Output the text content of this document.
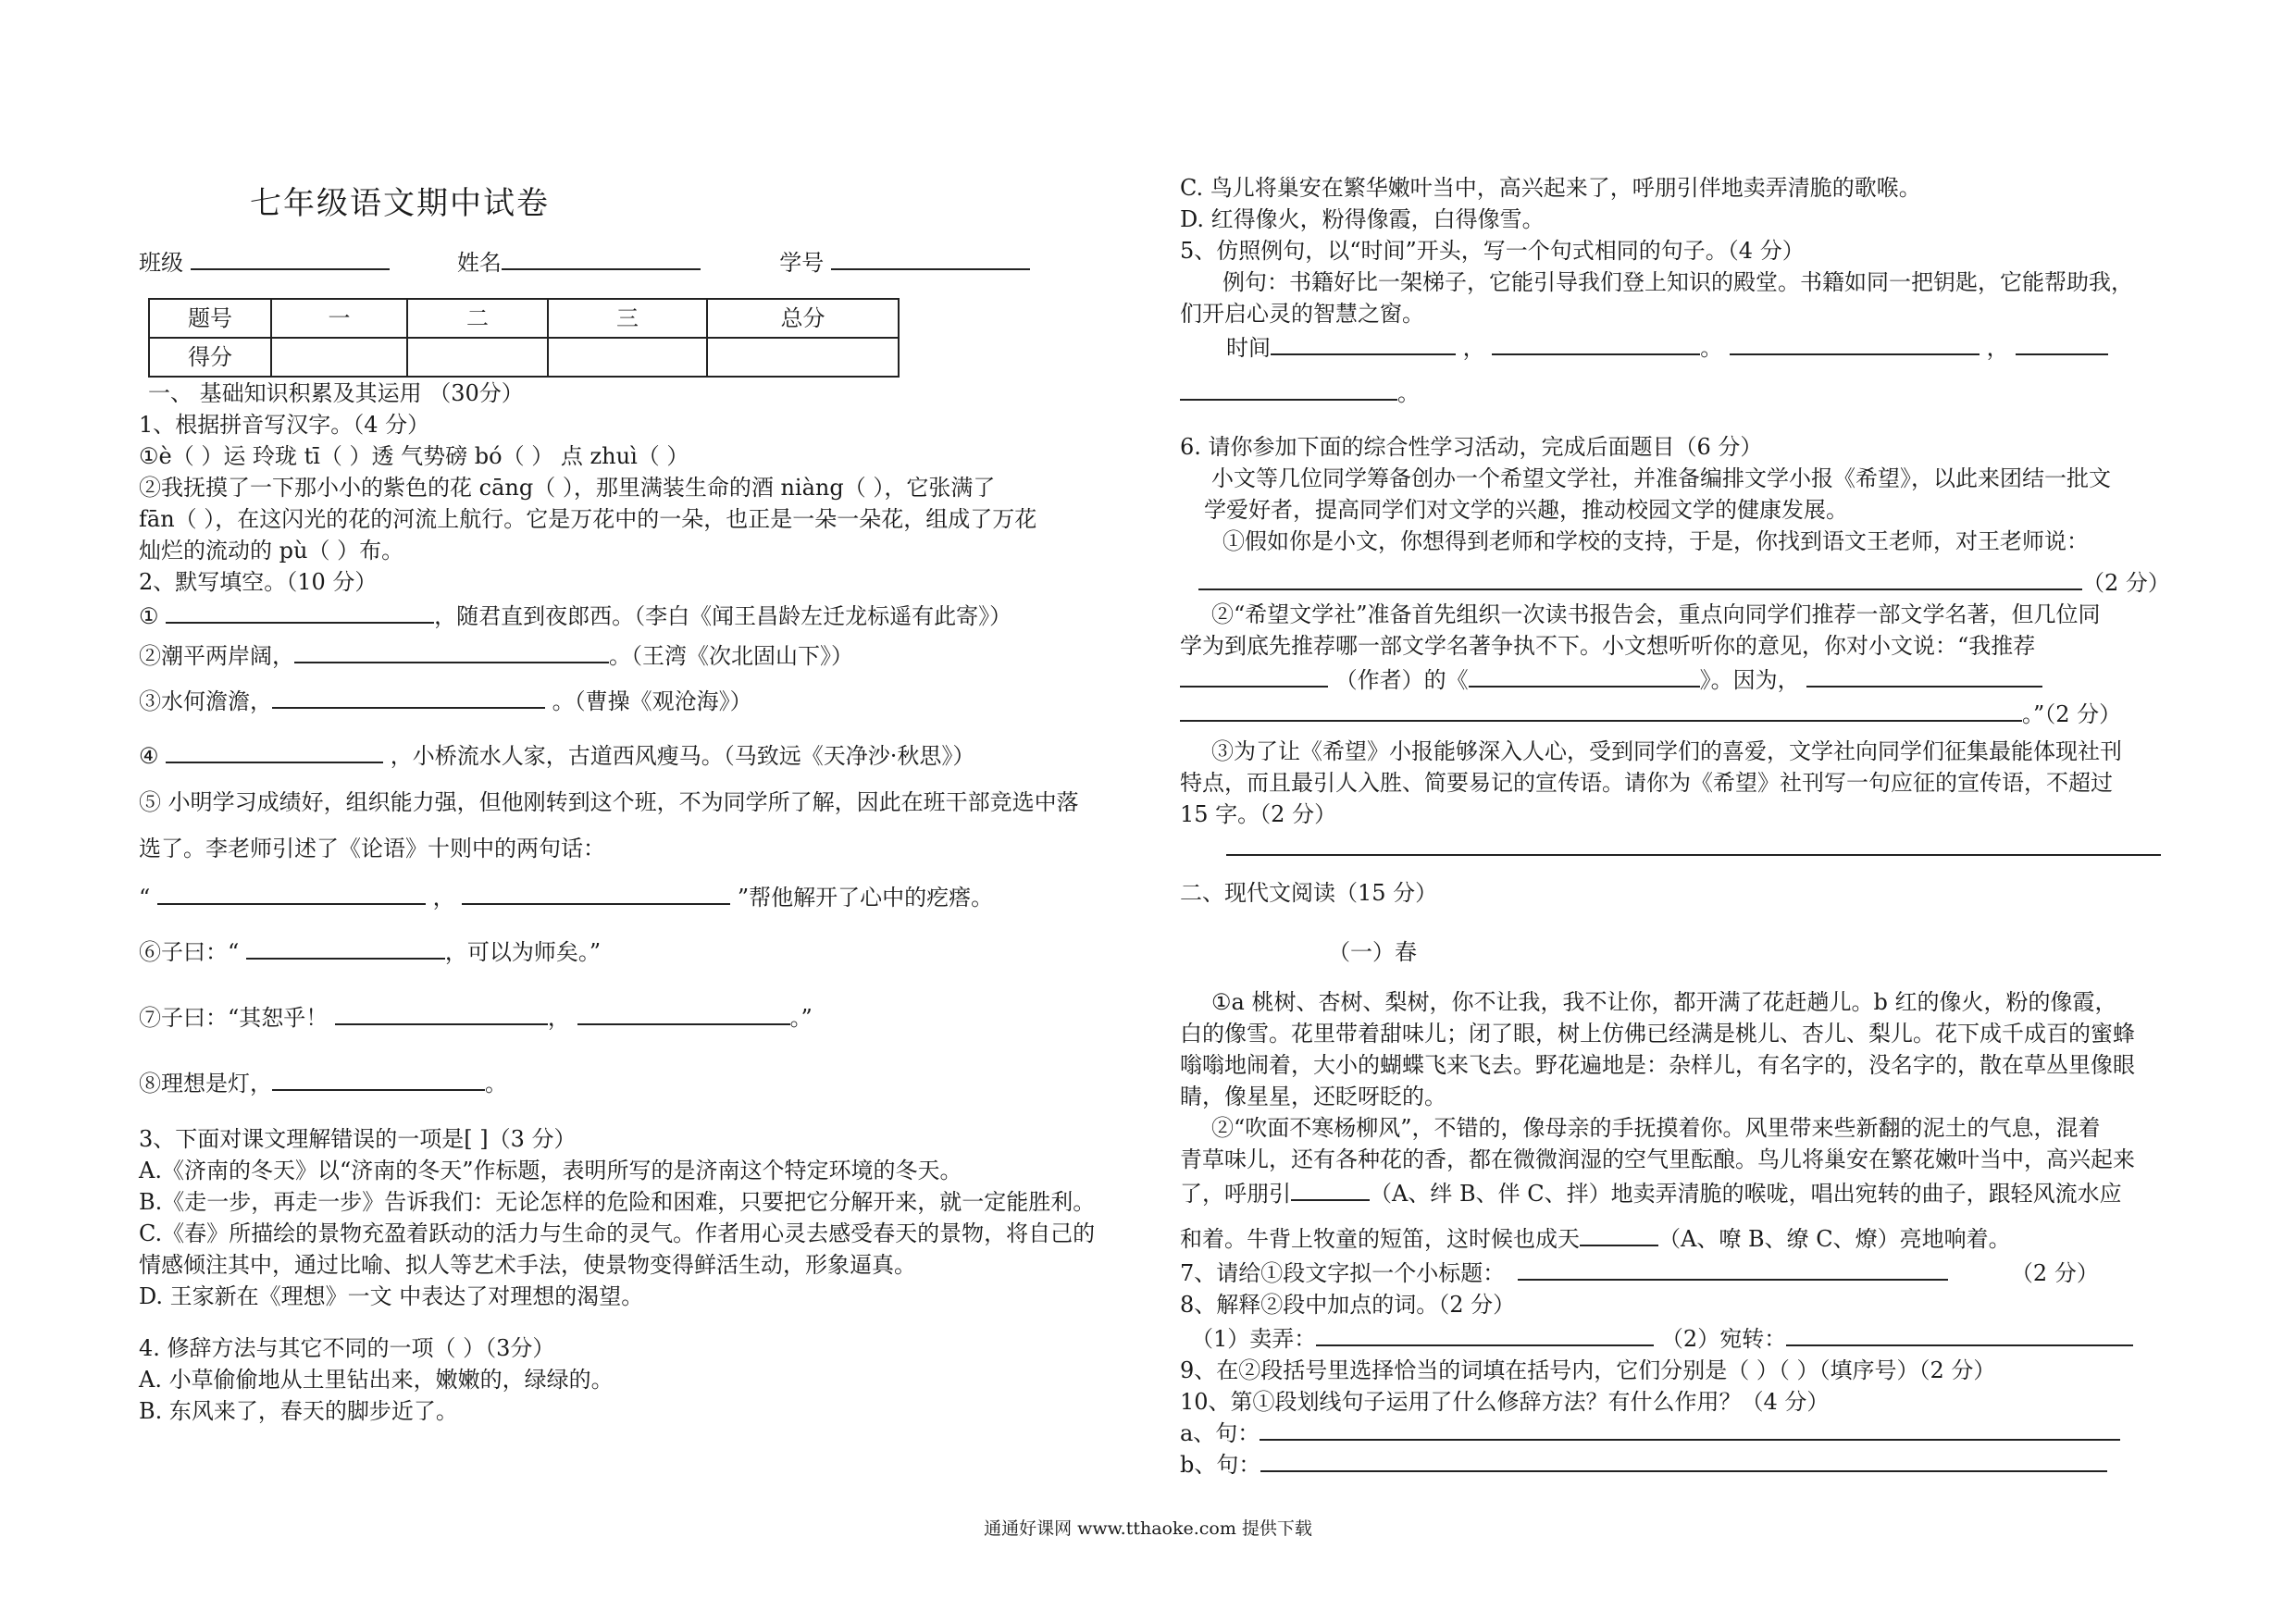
七年级语文期中试卷

班级	姓名	学号

题号	一	二	三	总分
得分				

一、 基础知识积累及其运用 （30分）

1、根据拼音写汉字。（4 分）

①è（ ）运 玲珑 tī（ ）透 气势磅 bó（ ） 点 zhuì（ ）

②我抚摸了一下那小小的紫色的花 cāng（ ），那里满装生命的酒 niàng（ ），它张满了

fān（ ），在这闪光的花的河流上航行。它是万花中的一朵，也正是一朵一朵花，组成了万花

灿烂的流动的 pù（ ）布。

2、默写填空。（10 分）

①	，随君直到夜郎西。（李白《闻王昌龄左迁龙标遥有此寄》）

②潮平两岸阔，	。（王湾《次北固山下》）

③水何澹澹，	。（曹操《观沧海》）

④	，小桥流水人家，古道西风瘦马。（马致远《天净沙·秋思》）

⑤ 小明学习成绩好，组织能力强，但他刚转到这个班，不为同学所了解，因此在班干部竞选中落

选了。李老师引述了《论语》十则中的两句话：

“	，	”帮他解开了心中的疙瘩。

⑥子曰：“	，可以为师矣。”

⑦子曰：“其恕乎！	，	。”

⑧理想是灯，	。

3、下面对课文理解错误的一项是[ ]（3 分）

A.《济南的冬天》以“济南的冬天”作标题，表明所写的是济南这个特定环境的冬天。

B.《走一步，再走一步》告诉我们：无论怎样的危险和困难，只要把它分解开来，就一定能胜利。

C.《春》所描绘的景物充盈着跃动的活力与生命的灵气。作者用心灵去感受春天的景物，将自己的

情感倾注其中，通过比喻、拟人等艺术手法，使景物变得鲜活生动，形象逼真。

D. 王家新在《理想》一文 中表达了对理想的渴望。

4. 修辞方法与其它不同的一项（ ）（3分）

A. 小草偷偷地从土里钻出来，嫩嫩的，绿绿的。

B. 东风来了，春天的脚步近了。

C. 鸟儿将巢安在繁华嫩叶当中，高兴起来了，呼朋引伴地卖弄清脆的歌喉。

D. 红得像火，粉得像霞，白得像雪。

5、仿照例句，以“时间”开头，写一个句式相同的句子。（4 分）

例句：书籍好比一架梯子，它能引导我们登上知识的殿堂。书籍如同一把钥匙，它能帮助我，

们开启心灵的智慧之窗。

时间	，	。	，

。

6. 请你参加下面的综合性学习活动，完成后面题目（6 分）

小文等几位同学筹备创办一个希望文学社，并准备编排文学小报《希望》，以此来团结一批文

学爱好者，提高同学们对文学的兴趣，推动校园文学的健康发展。

①假如你是小文，你想得到老师和学校的支持，于是，你找到语文王老师，对王老师说：

（2 分）

②“希望文学社”准备首先组织一次读书报告会，重点向同学们推荐一部文学名著，但几位同

学为到底先推荐哪一部文学名著争执不下。小文想听听你的意见，你对小文说：“我推荐

（作者）的《	》。因为，

。”（2 分）

③为了让《希望》小报能够深入人心，受到同学们的喜爱，文学社向同学们征集最能体现社刊

特点，而且最引人入胜、简要易记的宣传语。请你为《希望》社刊写一句应征的宣传语，不超过

15 字。（2 分）

二、现代文阅读（15 分）

（一）春

①a 桃树、杏树、梨树，你不让我，我不让你，都开满了花赶趟儿。b 红的像火，粉的像霞，

白的像雪。花里带着甜味儿；闭了眼，树上仿佛已经满是桃儿、杏儿、梨儿。花下成千成百的蜜蜂

嗡嗡地闹着，大小的蝴蝶飞来飞去。野花遍地是：杂样儿，有名字的，没名字的，散在草丛里像眼

睛，像星星，还眨呀眨的。

②“吹面不寒杨柳风”，不错的，像母亲的手抚摸着你。风里带来些新翻的泥土的气息，混着

青草味儿，还有各种花的香，都在微微润湿的空气里酝酿。鸟儿将巢安在繁花嫩叶当中，高兴起来

了，呼朋引	（A、绊 B、伴 C、拌）地卖弄清脆的喉咙，唱出宛转的曲子，跟轻风流水应

和着。牛背上牧童的短笛，这时候也成天	（A、嘹 B、缭 C、燎）亮地响着。

7、请给①段文字拟一个小标题：	（2 分）

8、解释②段中加点的词。（2 分）

（1）卖弄：	（2）宛转：

9、在②段括号里选择恰当的词填在括号内，它们分别是（ ）（ ）（填序号）（2 分）

10、第①段划线句子运用了什么修辞方法？有什么作用？（4 分）

a、句：

b、句：

通通好课网 www.tthaoke.com 提供下载
